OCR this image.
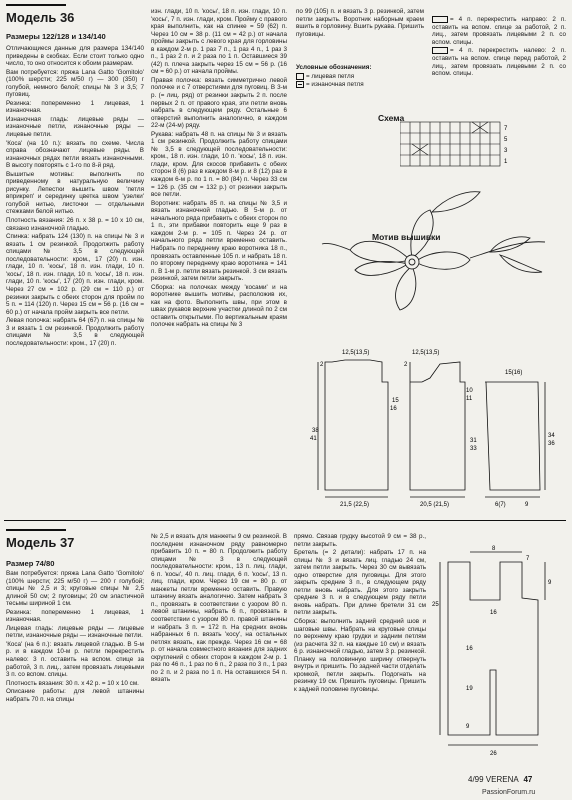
Модель 36
Размеры 122/128 и 134/140

Отличающиеся данные для размера 134/140 приведены в скобках. Если стоит только одно число, то оно относится к обоим размерам.

Вам потребуется: пряжа Lana Gatto 'Gomitolo' (100% шерсти; 225 м/50 г) — 300 (350) г голубой, немного белой; спицы № 3 и 3,5; 7 пуговиц.

Резинка: попеременно 1 лицевая, 1 изнаночная.

Изнаночная гладь: лицевые ряды — изнаночные петли, изнаночные ряды — лицевые петли.

'Коса' (на 10 п.): вязать по схеме. Числа справа обозначают лицевые ряды. В изнаночных рядах петли вязать изнаночными. В высоту повторять с 1-го по 8-й ряд.

Вышитые мотивы: выполнить по приведенному в натуральную величину рисунку. Лепестки вышить швом 'петля вприкреп' и серединку цветка швом 'узелки' голубой нитью, листочки — отдельными стежками белой нитью.

Плотность вязания: 26 п. x 38 р. = 10 x 10 см, связано изнаночной гладью.

Спинка: набрать 124 (130) п. на спицы № 3 и вязать 1 см резинкой. Продолжить работу спицами № 3,5 в следующей последовательности: кром., 17 (20) п. изн. глади, 10 п. 'косы', 18 п. изн. глади, 10 п. 'косы', 18 п. изн. глади, 10 п. 'косы', 18 п. изн. глади, 10 п. 'косы', 17 (20) п. изн. глади, кром. Через 27 см = 102 р. (29 см = 110 р.) от резинки закрыть с обеих сторон для пройм по 5 п. = 114 (120) п. Через 15 см = 56 р. (16 см = 60 р.) от начала пройм закрыть все петли.

Левая полочка: набрать 64 (67) п. на спицы № 3 и вязать 1 см резинкой. Продолжить работу спицами № 3,5 в следующей последовательности: кром., 17 (20) п.

изн. глади, 10 п. 'косы', 18 п. изн. глади, 10 п. 'косы', 7 п. изн. глади, кром. Пройму с правого края выполнить, как на спинке = 59 (62) п. Через 10 см = 38 р. (11 см = 42 р.) от начала проймы закрыть с левого края для горловины в каждом 2-м р. 1 раз 7 п., 1 раз 4 п., 1 раз 3 п., 1 раз 2 п. и 2 раза по 1 п. Оставшиеся 39 (42) п. плеча закрыть через 15 см = 56 р. (16 см = 60 р.) от начала проймы.

Правая полочка: вязать симметрично левой полочке и с 7 отверстиями для пуговиц. В 3-м р. (= лиц. ряд) от резинки закрыть 2 п. после первых 2 п. от правого края, эти петли вновь набрать в следующем ряду. Остальные 6 отверстий выполнить аналогично, в каждом 22-м (24-м) ряду.

Рукава: набрать 48 п. на спицы № 3 и вязать 1 см резинкой. Продолжить работу спицами № 3,5 в следующей последовательности: кром., 18 п. изн. глади, 10 п. 'косы', 18 п. изн. глади, кром. Для скосов прибавить с обеих сторон 8 (6) раз в каждом 8-м р. и 8 (12) раз в каждом 6-м р. по 1 п. = 80 (84) п. Через 33 см = 126 р. (35 см = 132 р.) от резинки закрыть все петли.

Воротник: набрать 85 п. на спицы № 3,5 и вязать изнаночной гладью. В 5-м р. от начального ряда прибавить с обеих сторон по 1 п., эти прибавки повторить еще 9 раз в каждом 2-м р. = 105 п. Через 24 р. от начального ряда петли временно оставить. Набрать по переднему краю воротника 18 п., провязать оставленные 105 п. и набрать 18 п. по второму переднему краю воротника = 141 п. В 1-м р. петли вязать резинкой. 3 см вязать резинкой, затем петли закрыть.

Сборка: на полочках между 'косами' и на воротнике вышить мотивы, расположив их, как на фото. Выполнить швы, при этом в швах рукавов верхние участки длиной по 2 см оставить открытыми. По вертикальным краям полочек набрать на спицы № 3

по 99 (105) п. и вязать 3 р. резинкой, затем петли закрыть. Воротник наборным краем вшить в горловину. Вшить рукава. Пришить пуговицы.

Условные обозначения:
= лицевая петля
= изнаночная петля

= 4 п. перекрестить направо: 2 п. оставить на вспом. спице за работой, 2 п. лиц., затем провязать лицевыми 2 п. со вспом. спицы.

= 4 п. перекрестить налево: 2 п. оставить на вспом. спице перед работой, 2 лиц., затем провязать лицевыми 2 п. со вспом. спицы.

Схема
7
5
3
1
Мотив вышивки
12,5(13,5)
2
12,5(13,5)
2
15
16
38
41	31
33
34
36
15(16)
10
11
21,5 (22,5)	20,5 (21,5)	6(7)	9
Модель 37
Размер 74/80

Вам потребуется: пряжа Lana Gatto 'Gomitolo' (100% шерсти; 225 м/50 г) — 200 г голубой; спицы № 2,5 и 3; круговые спицы № 2,5 длиной 50 см; 2 пуговицы; 20 см эластичной тесьмы шириной 1 см.

Резинка: попеременно 1 лицевая, 1 изнаночная.

Лицевая гладь: лицевые ряды — лицевые петли, изнаночные ряды — изнаночные петли.

'Коса' (на 6 п.): вязать лицевой гладью. В 5-м р. и в каждом 10-м р. петли перекрестить налево: 3 п. оставить на вспом. спице за работой, 3 п. лиц., затем провязать лицевыми 3 п. со вспом. спицы.

Плотность вязания: 30 п. x 42 р. = 10 x 10 см.

Описание работы: для левой штанины набрать 70 п. на спицы

№ 2,5 и вязать для манжеты 9 см резинкой. В последнем изнаночном ряду равномерно прибавить 10 п. = 80 п. Продолжить работу спицами № 3 в следующей последовательности: кром., 13 п. лиц. глади, 6 п. 'косы', 40 п. лиц. глади, 6 п. 'косы', 13 п. лиц. глади, кром. Через 19 см = 80 р. от манжеты петли временно оставить. Правую штанину вязать аналогично. Затем набрать 3 п., провязать в соответствии с узором 80 п. левой штанины, набрать 6 п., провязать в соответствии с узором 80 п. правой штанины и набрать 3 п. = 172 п. На средних вновь набранных 6 п. вязать 'косу', на остальных петлях вязать, как прежде. Через 16 см = 68 р. от начала совместного вязания для задних скруглений с обеих сторон в каждом 2-м р. 1 раз по 46 п., 1 раз по 6 п., 2 раза по 3 п., 1 раз по 2 п. и 2 раза по 1 п. На оставшихся 54 п. вязать

прямо. Связав грудку высотой 9 см = 38 р., петли закрыть.

Бретель (= 2 детали): набрать 17 п. на спицы № 3 и вязать лиц. гладью 24 см, затем петли закрыть. Через 30 см вывязать одно отверстие для пуговицы. Для этого закрыть средние 3 п., в следующем ряду петли вновь набрать. Для этого закрыть средние 3 п. и в следующем ряду петли вновь набрать. При длине бретели 31 см петли закрыть.

Сборка: выполнить задний средний шов и шаговые швы. Набрать на круговые спицы по верхнему краю грудки и задним петлям (из расчета 32 п. на каждые 10 см) и вязать 6 р. изнаночной гладью, затем 3 р. резинкой. Планку на половинную ширину отвернуть внутрь и пришить. По задней части отделать кромкой, петли закрыть. Подогнать на резинку 19 см. Пришить пуговицы. Пришить к задней половине пуговицы.

8
7
25
9
16
16
19
9
26
4/99 VERENA 47
PassionForum.ru
